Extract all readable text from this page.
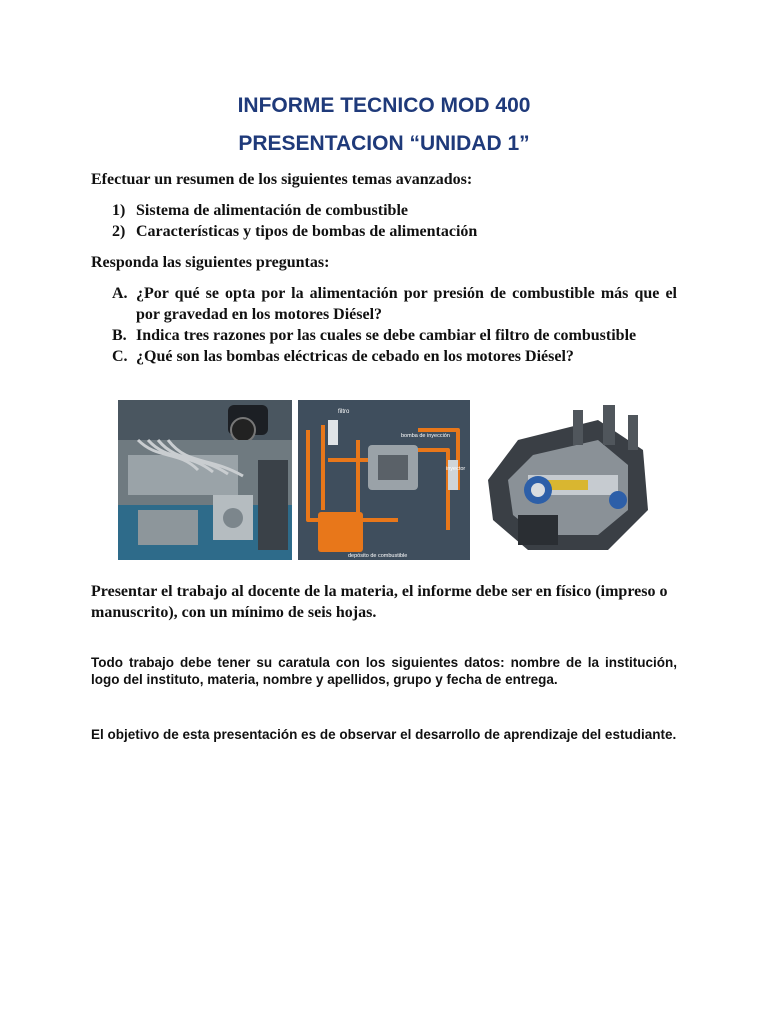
INFORME TECNICO MOD 400
PRESENTACION “UNIDAD 1”

Efectuar un resumen de los siguientes temas avanzados:

1) Sistema de alimentación de combustible
2) Características y tipos de bombas de alimentación

Responda las siguientes preguntas:

A. ¿Por qué se opta por la alimentación por presión de combustible más que el por gravedad en los motores Diésel?
B. Indica tres razones por las cuales se debe cambiar el filtro de combustible
C. ¿Qué son las bombas eléctricas de cebado en los motores Diésel?
filtro
bomba de inyección
inyector
depósito de combustible

Presentar el trabajo al docente de la materia, el informe debe ser en físico (impreso o manuscrito), con un mínimo de seis hojas.

Todo trabajo debe tener su caratula con los siguientes datos: nombre de la institución, logo del instituto, materia, nombre y apellidos, grupo y fecha de entrega.

El objetivo de esta presentación es de observar el desarrollo de aprendizaje del estudiante.
